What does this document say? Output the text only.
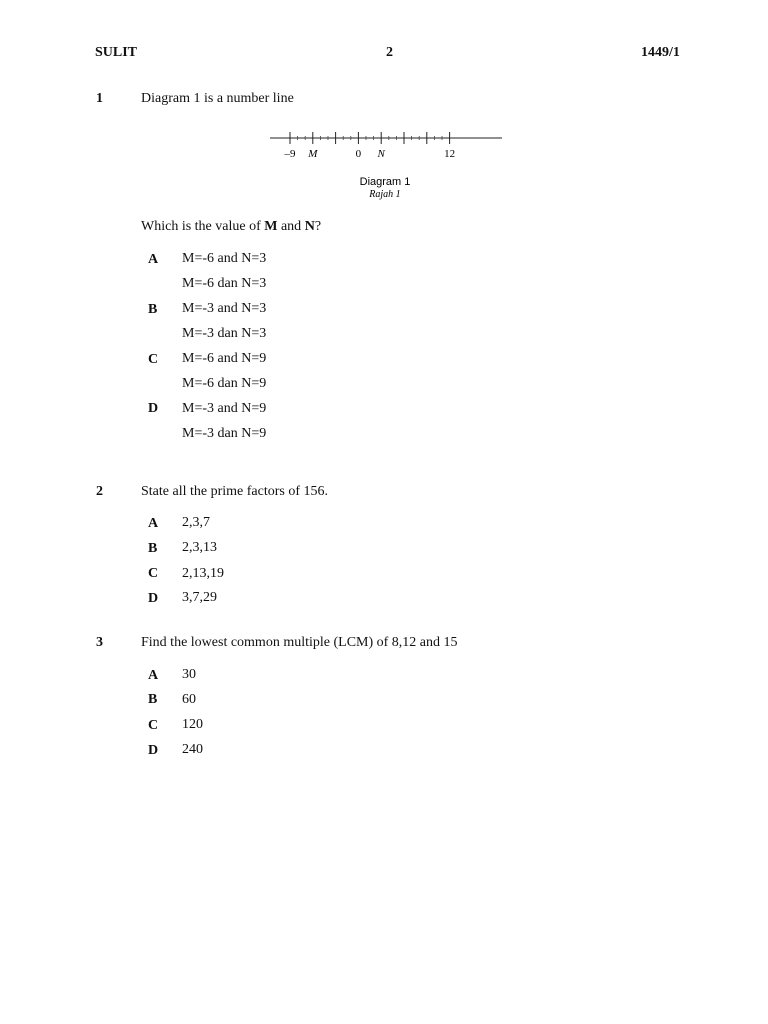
SULIT	2	1449/1
1	Diagram 1 is a number line
–9 M	0 N	12
Diagram 1
Rajah 1
Which is the value of M and N?
A M=-6 and N=3
M=-6 dan N=3
B M=-3 and N=3
M=-3 dan N=3
C M=-6 and N=9
M=-6 dan N=9
D M=-3 and N=9
M=-3 dan N=9
2	State all the prime factors of 156.
A 2,3,7
B 2,3,13
C 2,13,19
D 3,7,29
3	Find the lowest common multiple (LCM) of 8,12 and 15
A 30
B 60
C 120
D 240
